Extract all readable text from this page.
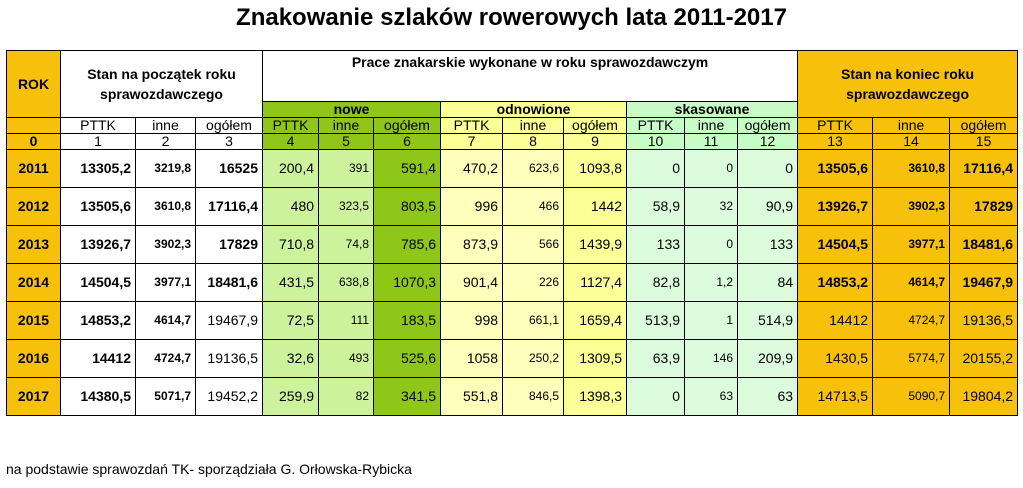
Znakowanie szlaków rowerowych lata 2011-2017
ROK	Stan na początek roku sprawozdawczego			Prace znakarskie wykonane w roku sprawozdawczym									Stan na koniec roku sprawozdawczego		
				nowe			odnowione			skasowane					
	PTTK	inne	ogółem	PTTK	inne	ogółem	PTTK	inne	ogółem	PTTK	inne	ogółem	PTTK	inne	ogółem
0	1	2	3	4	5	6	7	8	9	10	11	12	13	14	15
2011	13305,2	3219,8	16525	200,4	391	591,4	470,2	623,6	1093,8	0	0	0	13505,6	3610,8	17116,4
2012	13505,6	3610,8	17116,4	480	323,5	803,5	996	466	1442	58,9	32	90,9	13926,7	3902,3	17829
2013	13926,7	3902,3	17829	710,8	74,8	785,6	873,9	566	1439,9	133	0	133	14504,5	3977,1	18481,6
2014	14504,5	3977,1	18481,6	431,5	638,8	1070,3	901,4	226	1127,4	82,8	1,2	84	14853,2	4614,7	19467,9
2015	14853,2	4614,7	19467,9	72,5	111	183,5	998	661,1	1659,4	513,9	1	514,9	14412	4724,7	19136,5
2016	14412	4724,7	19136,5	32,6	493	525,6	1058	250,2	1309,5	63,9	146	209,9	1430,5	5774,7	20155,2
2017	14380,5	5071,7	19452,2	259,9	82	341,5	551,8	846,5	1398,3	0	63	63	14713,5	5090,7	19804,2
na podstawie sprawozdań TK- sporządziała G. Orłowska-Rybicka
